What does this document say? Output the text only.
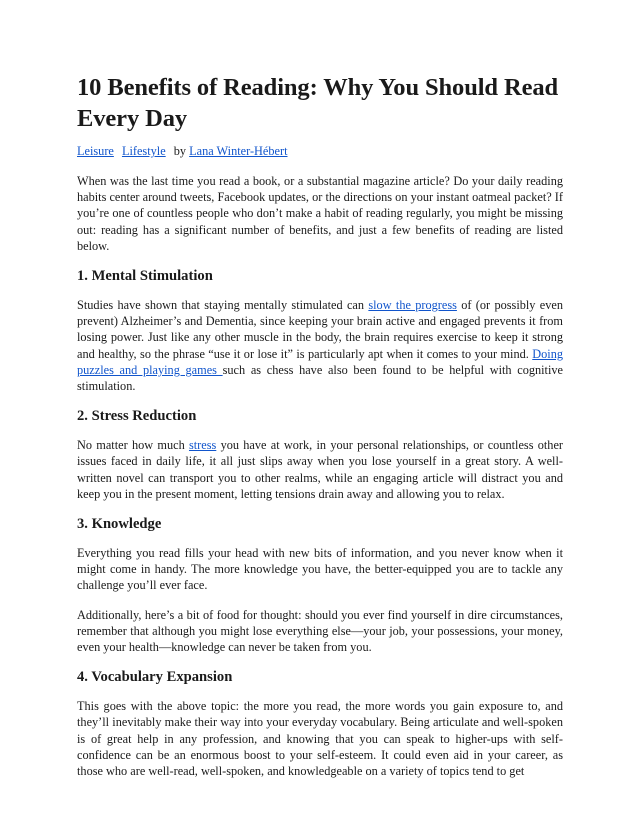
10 Benefits of Reading: Why You Should Read Every Day
Leisure Lifestyle by Lana Winter-Hébert

When was the last time you read a book, or a substantial magazine article? Do your daily reading habits center around tweets, Facebook updates, or the directions on your instant oatmeal packet? If you’re one of countless people who don’t make a habit of reading regularly, you might be missing out: reading has a significant number of benefits, and just a few benefits of reading are listed below.

1. Mental Stimulation

Studies have shown that staying mentally stimulated can slow the progress of (or possibly even prevent) Alzheimer’s and Dementia, since keeping your brain active and engaged prevents it from losing power. Just like any other muscle in the body, the brain requires exercise to keep it strong and healthy, so the phrase “use it or lose it” is particularly apt when it comes to your mind. Doing puzzles and playing games such as chess have also been found to be helpful with cognitive stimulation.

2. Stress Reduction

No matter how much stress you have at work, in your personal relationships, or countless other issues faced in daily life, it all just slips away when you lose yourself in a great story. A well-written novel can transport you to other realms, while an engaging article will distract you and keep you in the present moment, letting tensions drain away and allowing you to relax.

3. Knowledge

Everything you read fills your head with new bits of information, and you never know when it might come in handy. The more knowledge you have, the better-equipped you are to tackle any challenge you’ll ever face.

Additionally, here’s a bit of food for thought: should you ever find yourself in dire circumstances, remember that although you might lose everything else—your job, your possessions, your money, even your health—knowledge can never be taken from you.

4. Vocabulary Expansion

This goes with the above topic: the more you read, the more words you gain exposure to, and they’ll inevitably make their way into your everyday vocabulary. Being articulate and well-spoken is of great help in any profession, and knowing that you can speak to higher-ups with self-confidence can be an enormous boost to your self-esteem. It could even aid in your career, as those who are well-read, well-spoken, and knowledgeable on a variety of topics tend to get
